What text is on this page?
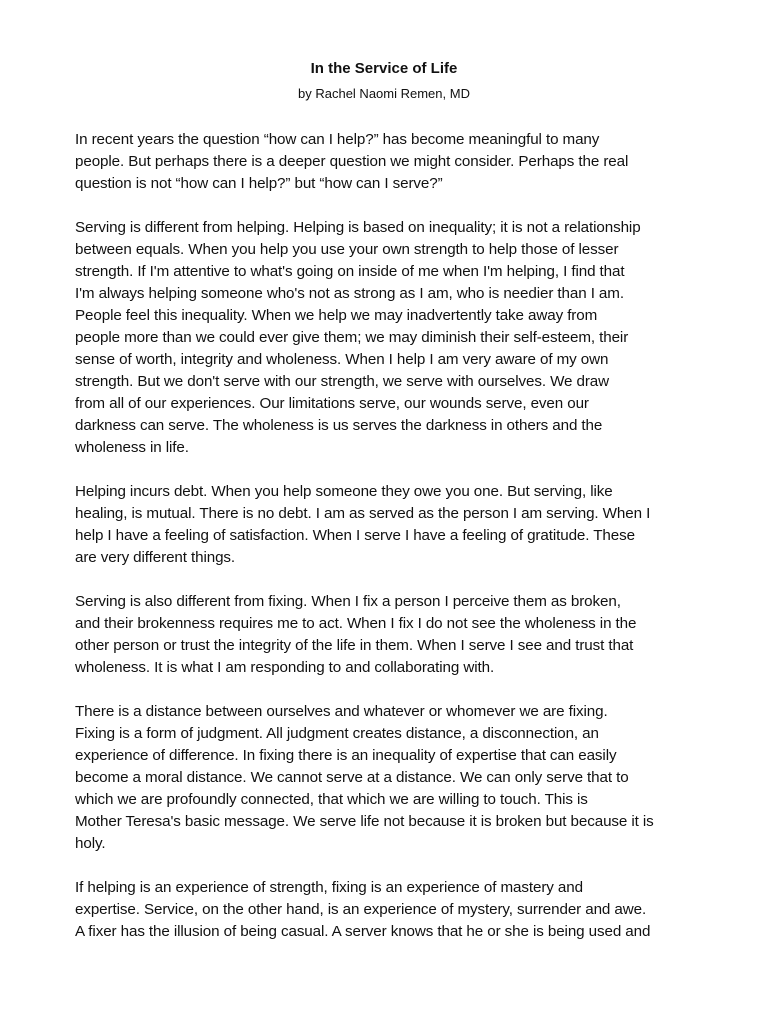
In the Service of Life
by Rachel Naomi Remen, MD

In recent years the question “how can I help?” has become meaningful to many
people. But perhaps there is a deeper question we might consider. Perhaps the real
question is not “how can I help?” but “how can I serve?”

Serving is different from helping. Helping is based on inequality; it is not a relationship
between equals. When you help you use your own strength to help those of lesser
strength. If I'm attentive to what's going on inside of me when I'm helping, I find that
I'm always helping someone who's not as strong as I am, who is needier than I am.
People feel this inequality. When we help we may inadvertently take away from
people more than we could ever give them; we may diminish their self-esteem, their
sense of worth, integrity and wholeness. When I help I am very aware of my own
strength. But we don't serve with our strength, we serve with ourselves. We draw
from all of our experiences. Our limitations serve, our wounds serve, even our
darkness can serve. The wholeness is us serves the darkness in others and the
wholeness in life.

Helping incurs debt. When you help someone they owe you one. But serving, like
healing, is mutual. There is no debt. I am as served as the person I am serving. When I
help I have a feeling of satisfaction. When I serve I have a feeling of gratitude. These
are very different things.

Serving is also different from fixing. When I fix a person I perceive them as broken,
and their brokenness requires me to act. When I fix I do not see the wholeness in the
other person or trust the integrity of the life in them. When I serve I see and trust that
wholeness. It is what I am responding to and collaborating with.

There is a distance between ourselves and whatever or whomever we are fixing.
Fixing is a form of judgment. All judgment creates distance, a disconnection, an
experience of difference. In fixing there is an inequality of expertise that can easily
become a moral distance. We cannot serve at a distance. We can only serve that to
which we are profoundly connected, that which we are willing to touch. This is
Mother Teresa's basic message. We serve life not because it is broken but because it is
holy.

If helping is an experience of strength, fixing is an experience of mastery and
expertise. Service, on the other hand, is an experience of mystery, surrender and awe.
A fixer has the illusion of being casual. A server knows that he or she is being used and
